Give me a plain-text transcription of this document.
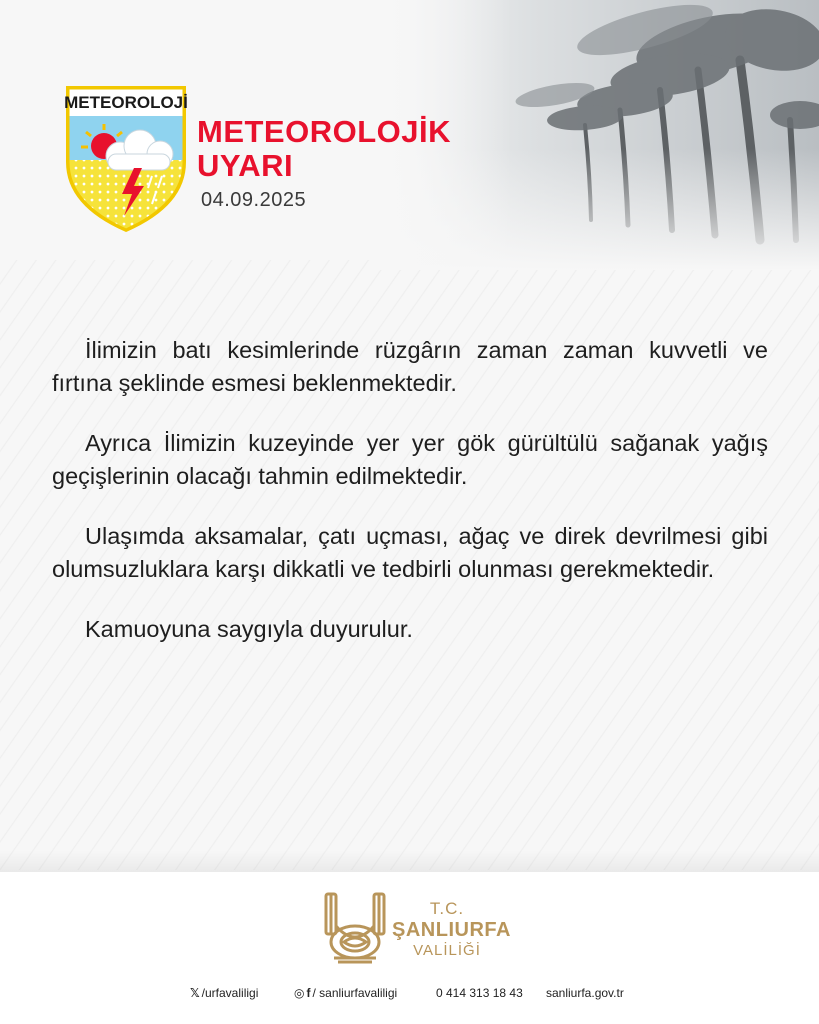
METEOROLOJİ
METEOROLOJİK
UYARI
04.09.2025

İlimizin batı kesimlerinde rüzgârın zaman zaman kuvvetli ve fırtına şeklinde esmesi beklenmektedir.

Ayrıca İlimizin kuzeyinde yer yer gök gürültülü sağanak yağış geçişlerinin olacağı tahmin edilmektedir.

Ulaşımda aksamalar, çatı uçması, ağaç ve direk devrilmesi gibi olumsuzluklara karşı dikkatli ve tedbirli olunması gerekmektedir.

Kamuoyuna saygıyla duyurulur.

T.C.
ŞANLIURFA
VALİLİĞİ
𝕏 /urfavaliligi	◎ f / sanliurfavaliligi	0 414 313 18 43 sanliurfa.gov.tr
